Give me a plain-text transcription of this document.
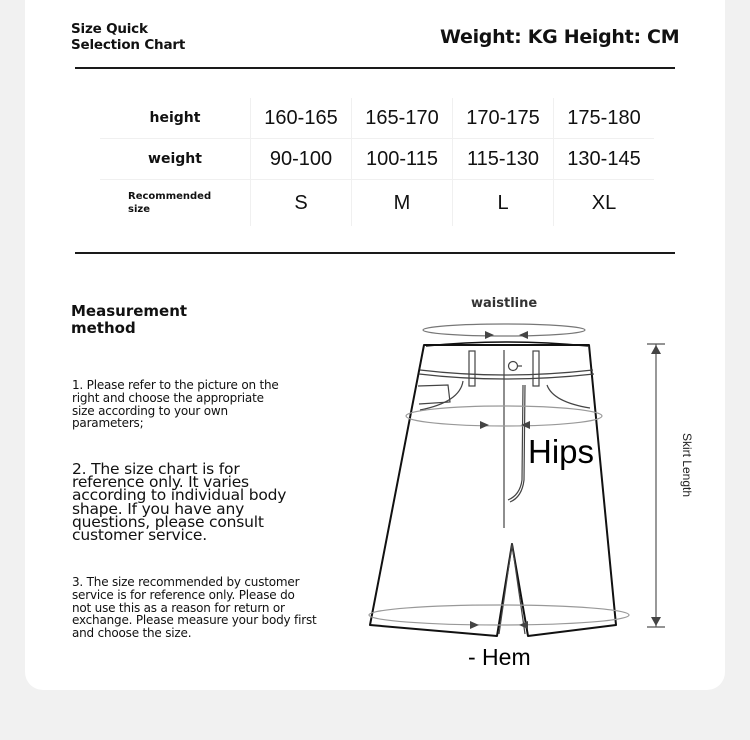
Size Quick
Selection Chart	Weight: KG Height: CM
height	160-165	165-170	170-175	175-180
weight	90-100	100-115	115-130	130-145

Recommended
size	S	M	L	XL
Measurement
method
1. Please refer to the picture on the right and choose the appropriate size according to your own parameters;
2. The size chart is for reference only. It varies according to individual body shape. If you have any questions, please consult customer service.
3. The size recommended by customer service is for reference only. Please do not use this as a reason for return or exchange. Please measure your body first and choose the size.
waistline
Hips
- Hem
Skirt Length
